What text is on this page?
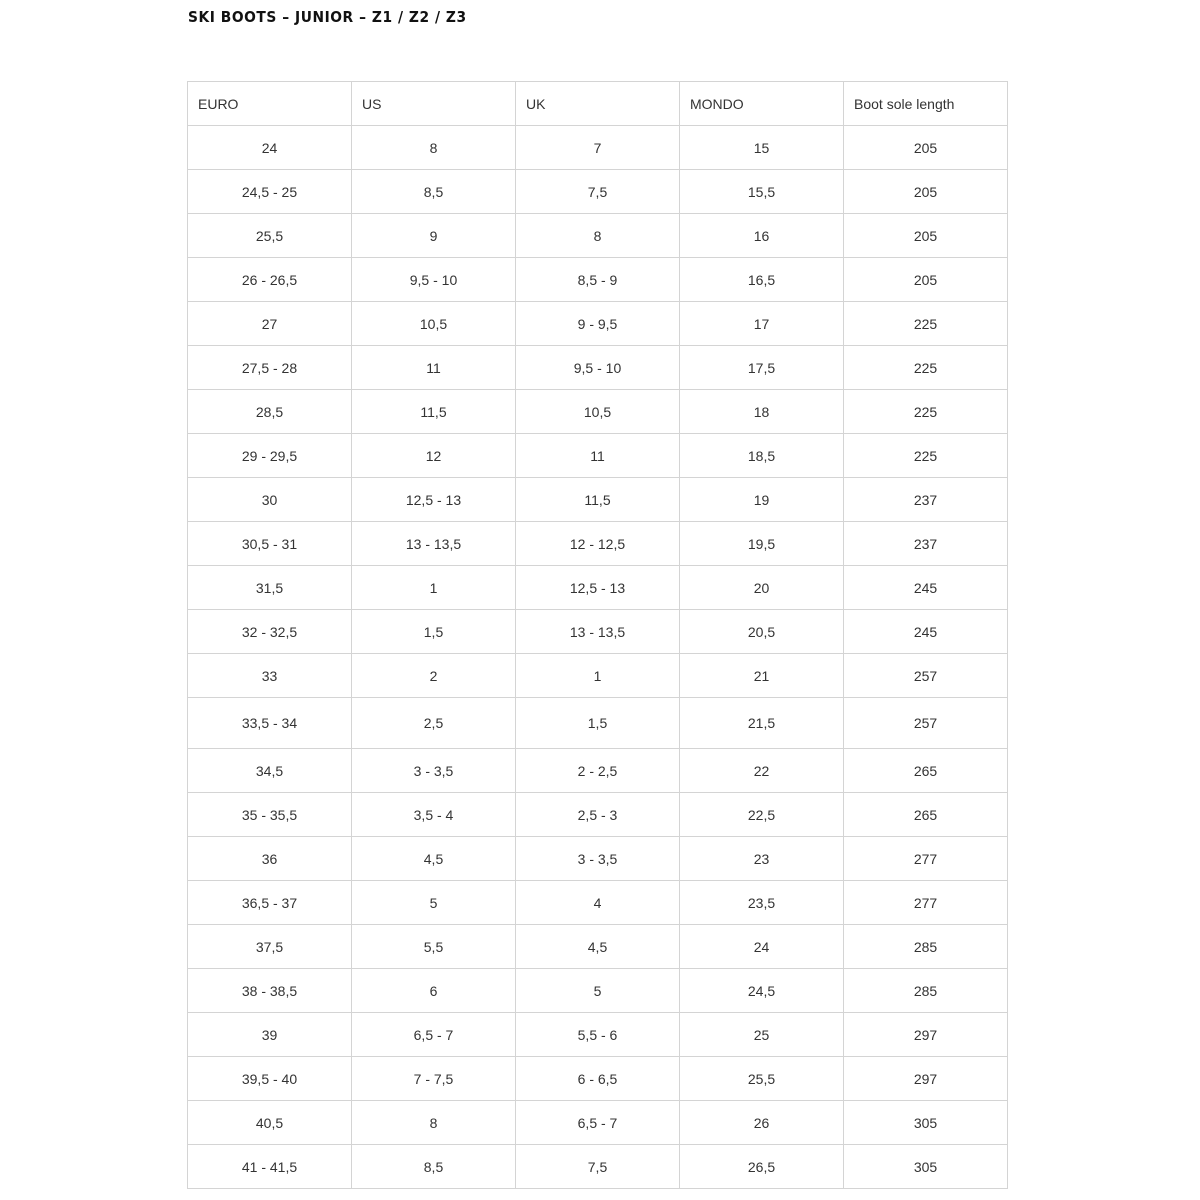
SKI BOOTS – JUNIOR – Z1 / Z2 / Z3
EURO	US	UK	MONDO	Boot sole length
24	8	7	15	205
24,5 - 25	8,5	7,5	15,5	205
25,5	9	8	16	205
26 - 26,5	9,5 - 10	8,5 - 9	16,5	205
27	10,5	9 - 9,5	17	225
27,5 - 28	11	9,5 - 10	17,5	225
28,5	11,5	10,5	18	225
29 - 29,5	12	11	18,5	225
30	12,5 - 13	11,5	19	237
30,5 - 31	13 - 13,5	12 - 12,5	19,5	237
31,5	1	12,5 - 13	20	245
32 - 32,5	1,5	13 - 13,5	20,5	245
33	2	1	21	257
33,5 - 34	2,5	1,5	21,5	257
34,5	3 - 3,5	2 - 2,5	22	265
35 - 35,5	3,5 - 4	2,5 - 3	22,5	265
36	4,5	3 - 3,5	23	277
36,5 - 37	5	4	23,5	277
37,5	5,5	4,5	24	285
38 - 38,5	6	5	24,5	285
39	6,5 - 7	5,5 - 6	25	297
39,5 - 40	7 - 7,5	6 - 6,5	25,5	297
40,5	8	6,5 - 7	26	305
41 - 41,5	8,5	7,5	26,5	305
